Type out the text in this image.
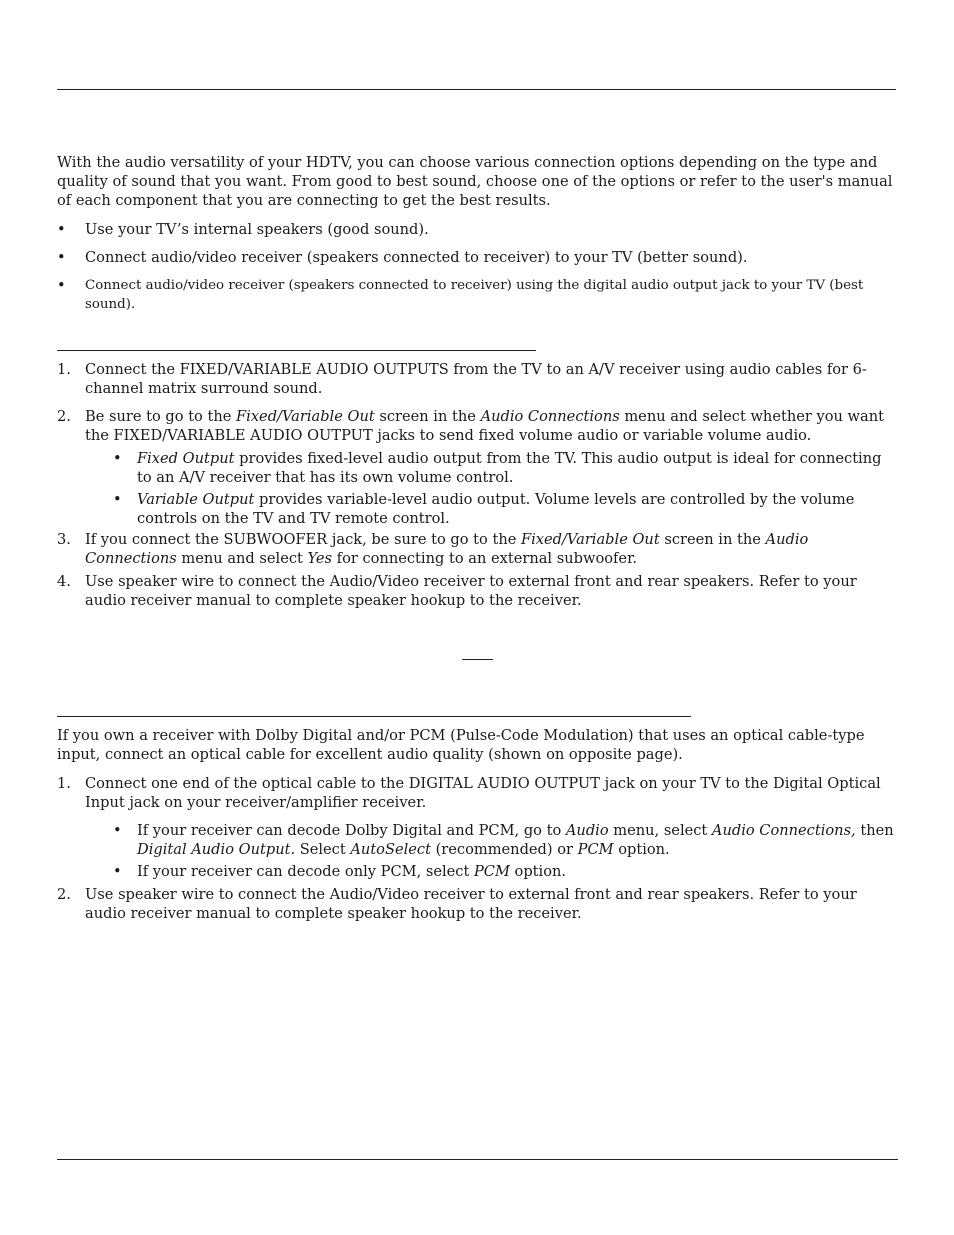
With the audio versatility of your HDTV, you can choose various connection options depending on the type and quality of sound that you want. From good to best sound, choose one of the options or refer to the user's manual of each component that you are connecting to get the best results.

• Use your TV’s internal speakers (good sound).

• Connect audio/video receiver (speakers connected to receiver) to your TV (better sound).

• Connect audio/video receiver (speakers connected to receiver) using the digital audio output jack to your TV (best sound).

1. Connect the FIXED/VARIABLE AUDIO OUTPUTS from the TV to an A/V receiver using audio cables for 6-channel matrix surround sound.

2. Be sure to go to the Fixed/Variable Out screen in the Audio Connections menu and select whether you want the FIXED/VARIABLE AUDIO OUTPUT jacks to send fixed volume audio or variable volume audio.

• Fixed Output provides fixed-level audio output from the TV. This audio output is ideal for connecting to an A/V receiver that has its own volume control.

• Variable Output provides variable-level audio output. Volume levels are controlled by the volume controls on the TV and TV remote control.

3. If you connect the SUBWOOFER jack, be sure to go to the Fixed/Variable Out screen in the Audio Connections menu and select Yes for connecting to an external subwoofer.

4. Use speaker wire to connect the Audio/Video receiver to external front and rear speakers. Refer to your audio receiver manual to complete speaker hookup to the receiver.

If you own a receiver with Dolby Digital and/or PCM (Pulse-Code Modulation) that uses an optical cable-type input, connect an optical cable for excellent audio quality (shown on opposite page).

1. Connect one end of the optical cable to the DIGITAL AUDIO OUTPUT jack on your TV to the Digital Optical Input jack on your receiver/amplifier receiver.

• If your receiver can decode Dolby Digital and PCM, go to Audio menu, select Audio Connections, then Digital Audio Output. Select AutoSelect (recommended) or PCM option.

• If your receiver can decode only PCM, select PCM option.

2. Use speaker wire to connect the Audio/Video receiver to external front and rear speakers. Refer to your audio receiver manual to complete speaker hookup to the receiver.
